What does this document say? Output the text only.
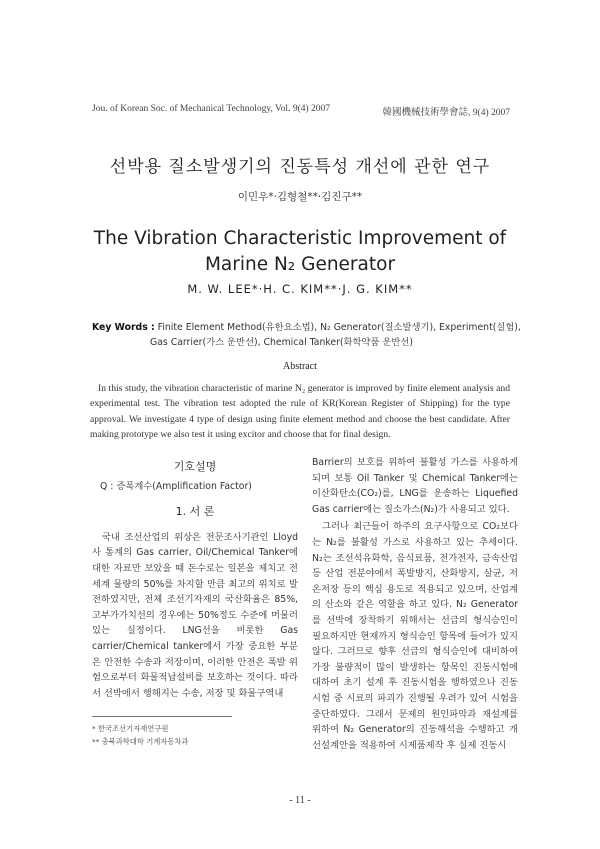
Jou. of Korean Soc. of Mechanical Technology, Vol. 9(4) 2007	韓國機械技術學會誌, 9(4) 2007
선박용 질소발생기의 진동특성 개선에 관한 연구
이민우*·김형철**·김진구**
The Vibration Characteristic Improvement of Marine N₂ Generator
M. W. LEE*·H. C. KIM**·J. G. KIM**
Key Words : Finite Element Method(유한요소법), N₂ Generator(질소발생기), Experiment(실험),
Gas Carrier(가스 운반선), Chemical Tanker(화학약품 운반선)
Abstract
In this study, the vibration characteristic of marine N₂ generator is improved by finite element analysis and experimental test. The vibration test adopted the rule of KR(Korean Register of Shipping) for the type approval. We investigate 4 type of design using finite element method and choose the best candidate. After making prototype we also test it using excitor and choose that for final design.
기호설명
Q : 증폭계수(Amplification Factor)
1. 서 론
국내 조선산업의 위상은 전문조사기관인 Lloyd사 통계의 Gas carrier, Oil/Chemical Tanker에 대한 자료만 보았을 때 돈수로는 일본을 제치고 전세계 물량의 50%를 차지할 만큼 최고의 위치로 발전하였지만, 전체 조선기자재의 국산화율은 85%, 고부가가치선의 경우에는 50%정도 수준에 머물러 있는 실정이다. LNG선을 비롯한 Gas carrier/Chemical tanker에서 가장 중요한 부분은 안전한 수송과 저장이며, 이러한 안전은 폭발 위험으로부터 화물적납설비를 보호하는 것이다. 따라서 선박에서 행해지는 수송, 저장 및 화물구역내
* 한국조선기자재연구원
** 충북과학대학 기계자동차과
Barrier의 보호를 위하여 불활성 가스를 사용하게 되며 보통 Oil Tanker 및 Chemical Tanker에는 이산화탄소(CO₂)를, LNG를 운송하는 Liquefied Gas carrier에는 질소가스(N₂)가 사용되고 있다.
그러나 최근들어 하주의 요구사항으로 CO₂보다는 N₂를 불활성 가스로 사용하고 있는 추세이다. N₂는 조선석유화학, 음식료품, 전가전자, 금속산업 등 산업 전분야에서 폭발방지, 산화방지, 살균, 저온저장 등의 핵심 용도로 적용되고 있으며, 산업계의 산소와 같은 역할을 하고 있다. N₂ Generator를 선박에 장착하기 위해서는 선급의 형식승인이 필요하지만 현재까지 형식승인 항목에 들어가 있지 않다. 그러므로 향후 선급의 형식승인에 대비하여 가장 불량적이 많이 발생하는 항목인 진동시험에 대하여 초기 설계 후 진동시험을 행하였으나 진동시험 중 시료의 파괴가 진행될 우려가 있어 시험을 중단하였다. 그래서 문제의 원인파악과 재설계를 위하여 N₂ Generator의 진동해석을 수행하고 개선설계안을 적용하여 시제품제작 후 실제 진동시
- 11 -
